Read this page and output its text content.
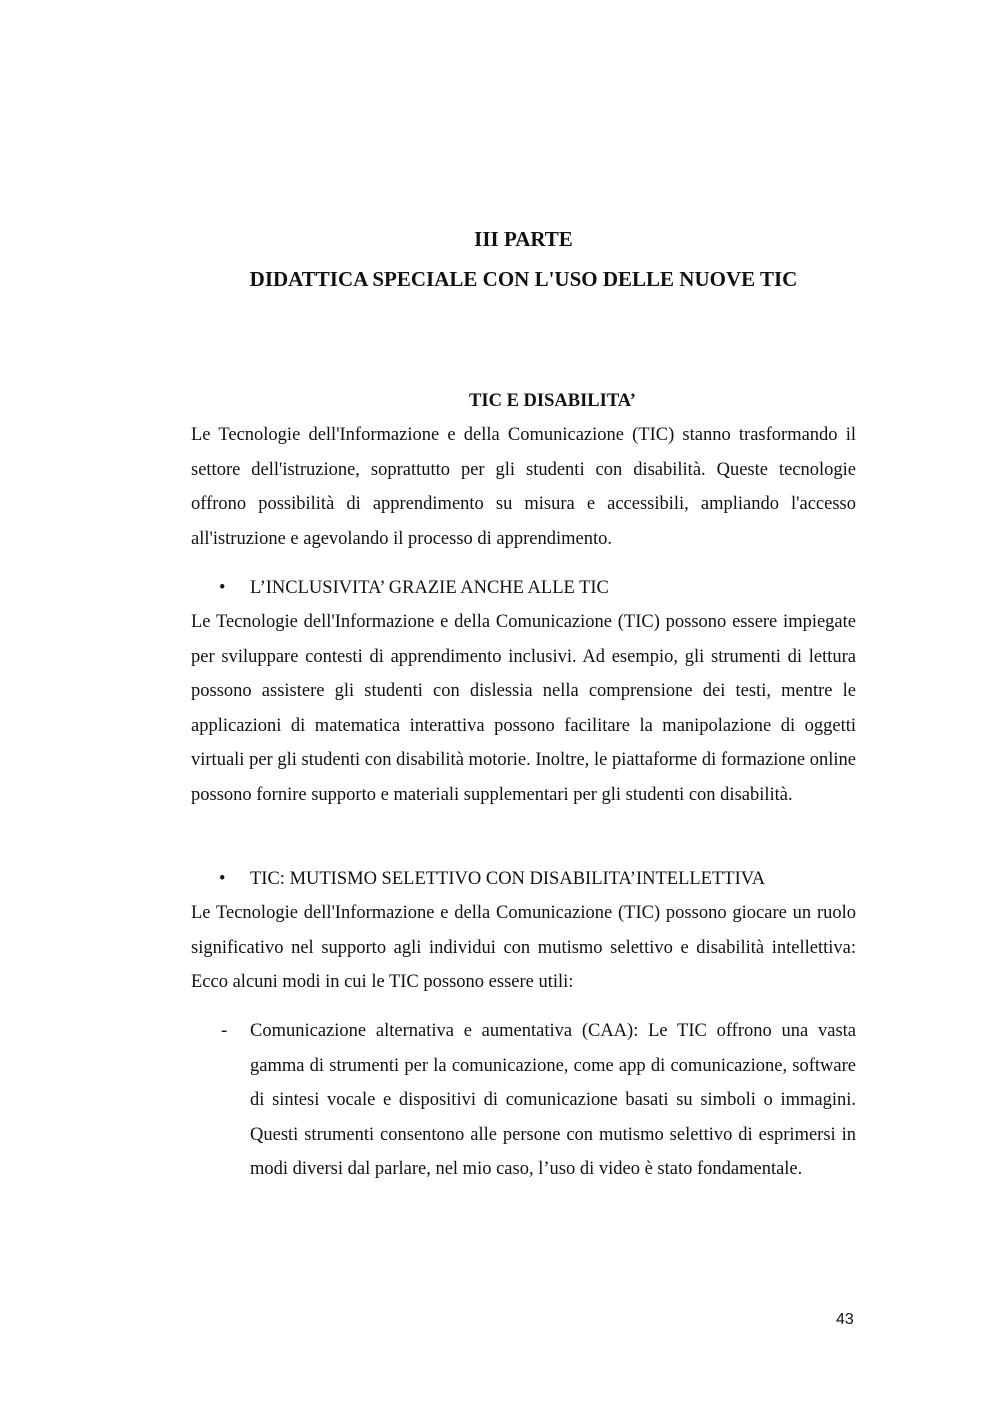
III PARTE
DIDATTICA SPECIALE CON L'USO DELLE NUOVE TIC
TIC E DISABILITA’

Le Tecnologie dell'Informazione e della Comunicazione (TIC) stanno trasformando il settore dell'istruzione, soprattutto per gli studenti con disabilità. Queste tecnologie offrono possibilità di apprendimento su misura e accessibili, ampliando l'accesso all'istruzione e agevolando il processo di apprendimento.

• L’INCLUSIVITA’ GRAZIE ANCHE ALLE TIC

Le Tecnologie dell'Informazione e della Comunicazione (TIC) possono essere impiegate per sviluppare contesti di apprendimento inclusivi. Ad esempio, gli strumenti di lettura possono assistere gli studenti con dislessia nella comprensione dei testi, mentre le applicazioni di matematica interattiva possono facilitare la manipolazione di oggetti virtuali per gli studenti con disabilità motorie. Inoltre, le piattaforme di formazione online possono fornire supporto e materiali supplementari per gli studenti con disabilità.

• TIC: MUTISMO SELETTIVO CON DISABILITA’INTELLETTIVA

Le Tecnologie dell'Informazione e della Comunicazione (TIC) possono giocare un ruolo significativo nel supporto agli individui con mutismo selettivo e disabilità intellettiva: Ecco alcuni modi in cui le TIC possono essere utili:

- Comunicazione alternativa e aumentativa (CAA): Le TIC offrono una vasta gamma di strumenti per la comunicazione, come app di comunicazione, software di sintesi vocale e dispositivi di comunicazione basati su simboli o immagini. Questi strumenti consentono alle persone con mutismo selettivo di esprimersi in modi diversi dal parlare, nel mio caso, l’uso di video è stato fondamentale.

43
